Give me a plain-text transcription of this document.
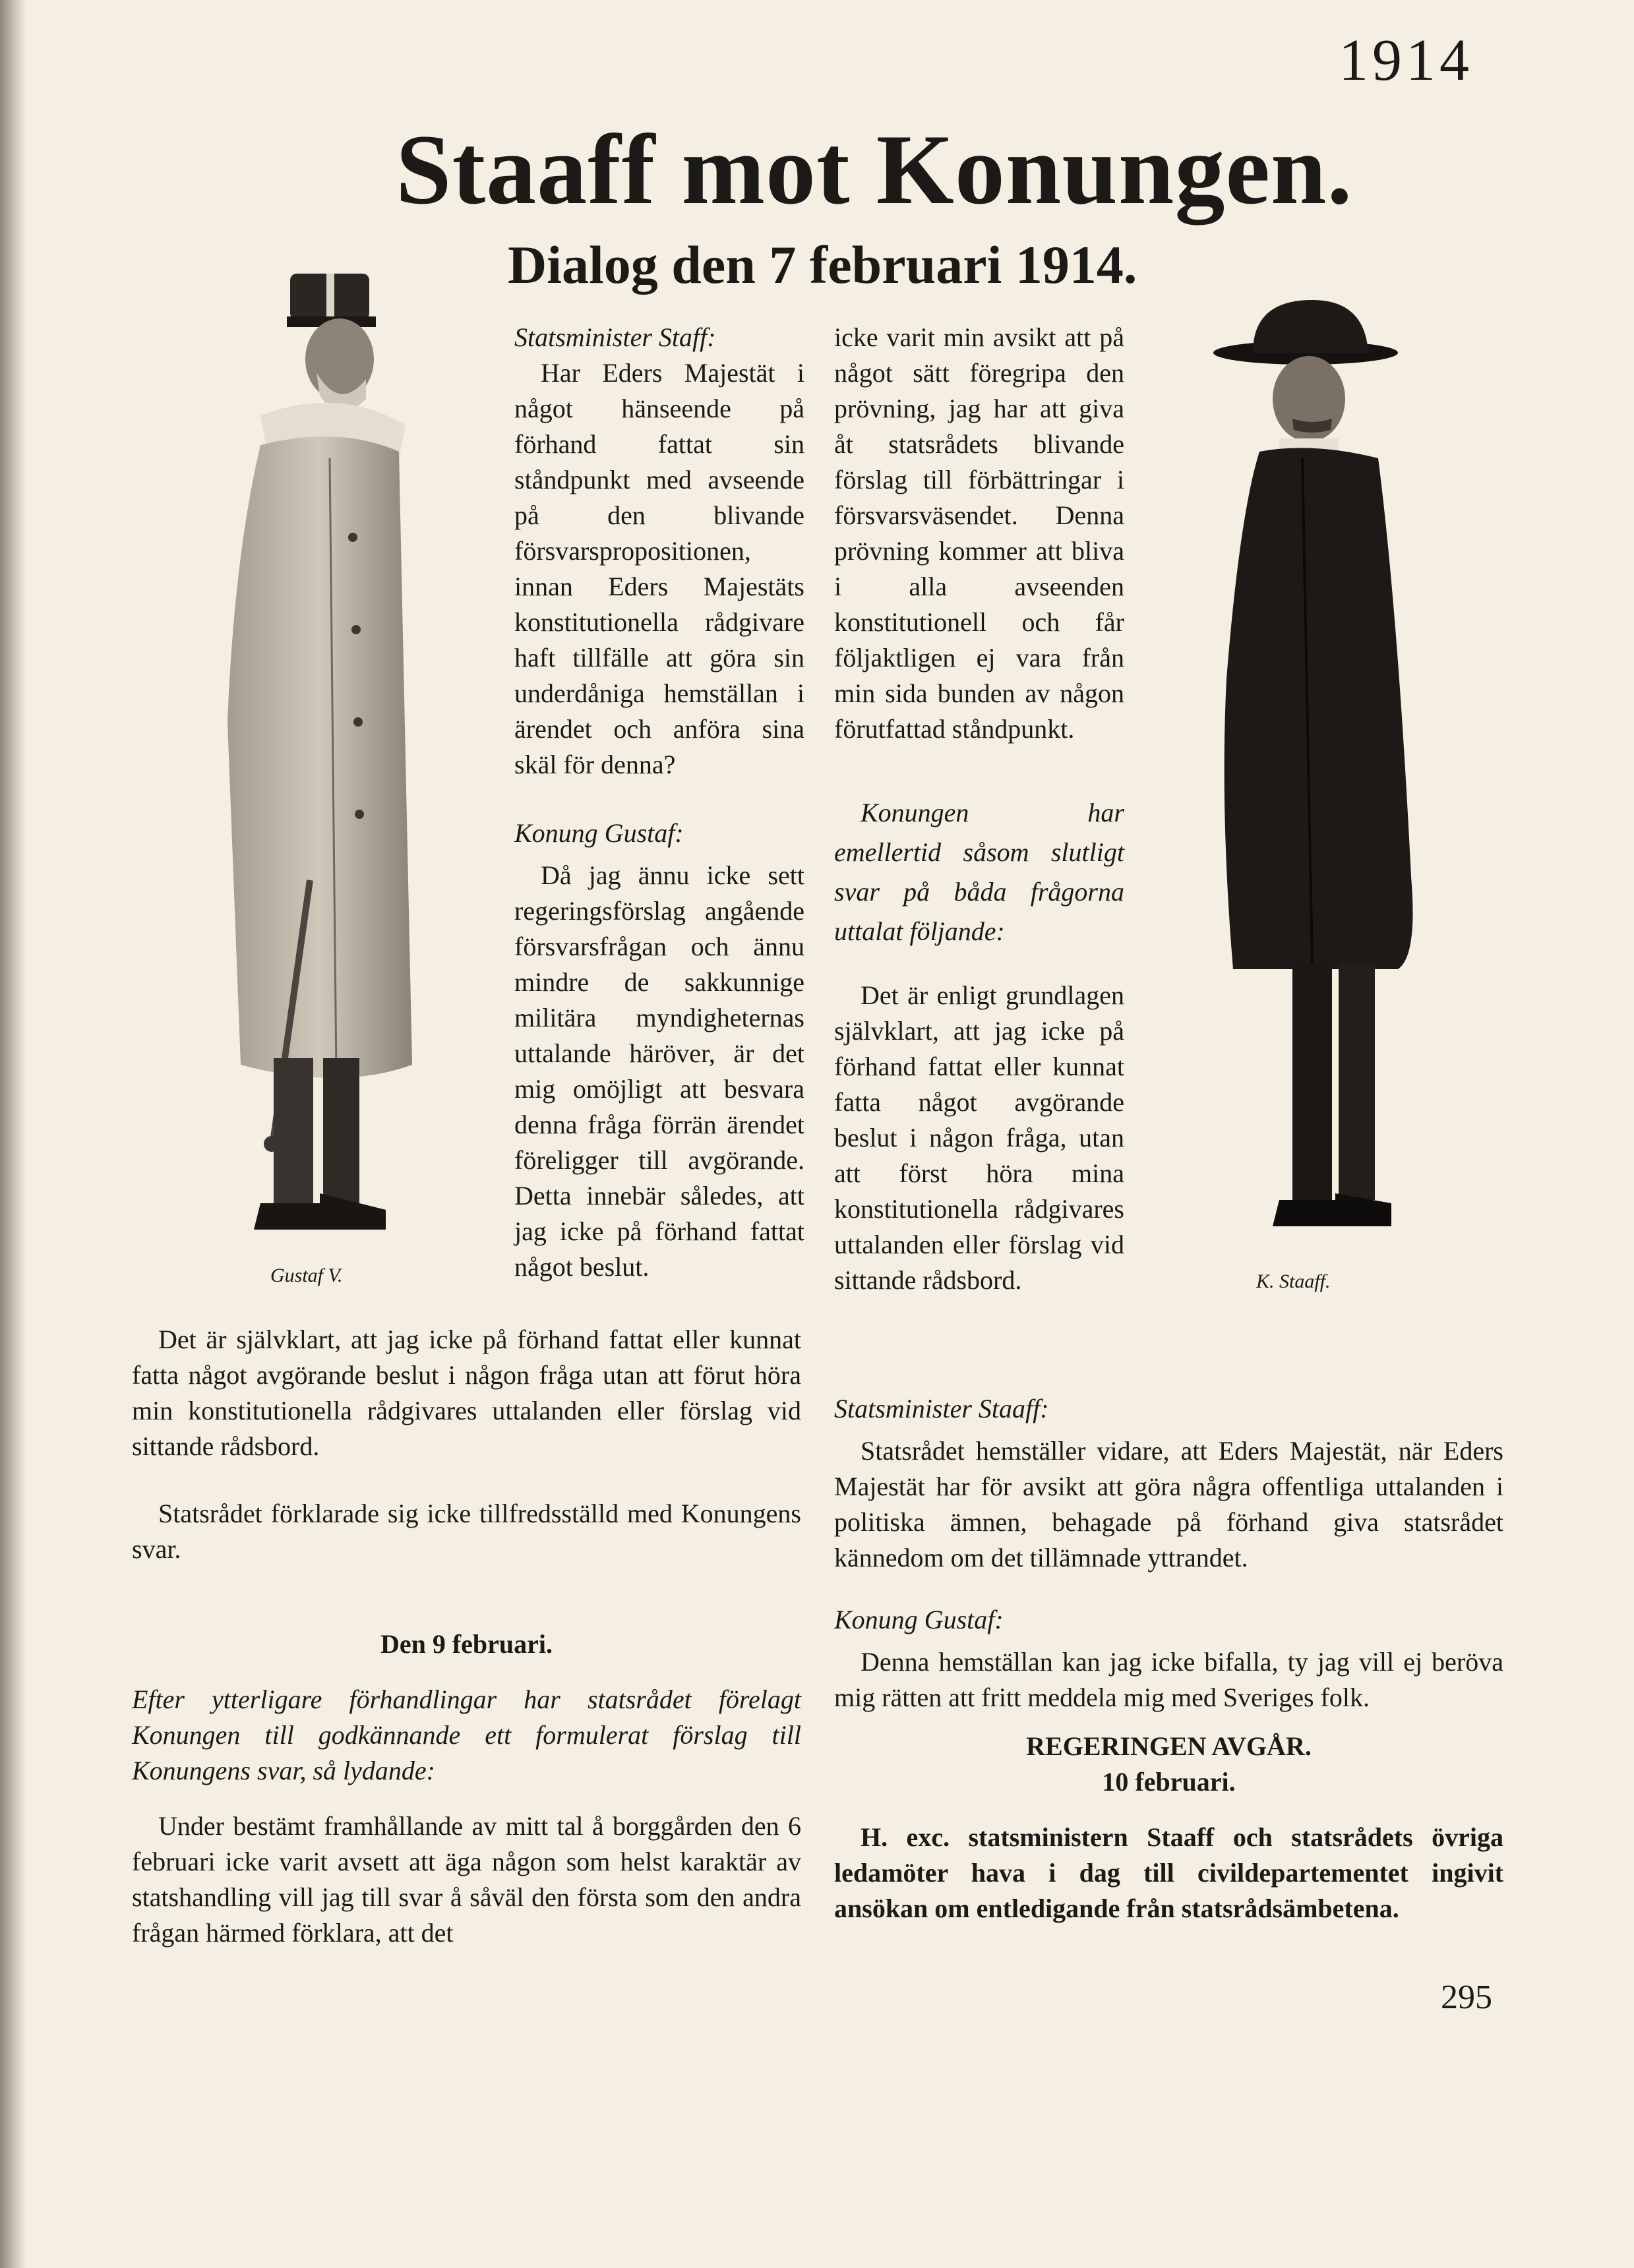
1914
Staaff mot Konungen.
Dialog den 7 februari 1914.
Gustaf V.	K. Staaff.

Statsminister Staff:

Har Eders Majestät i något hänseende på förhand fattat sin ståndpunkt med avseende på den blivande försvarspropositionen, innan Eders Majestäts konstitutionella rådgivare haft tillfälle att göra sin underdåniga hemställan i ärendet och anföra sina skäl för denna?

Konung Gustaf:

Då jag ännu icke sett regeringsförslag angående försvarsfrågan och ännu mindre de sakkunnige militära myndigheternas uttalande häröver, är det mig omöjligt att besvara denna fråga förrän ärendet föreligger till avgörande. Detta innebär således, att jag icke på förhand fattat något beslut.

icke varit min avsikt att på något sätt föregripa den prövning, jag har att giva åt statsrådets blivande förslag till förbättringar i försvarsväsendet. Denna prövning kommer att bliva i alla avseenden konstitutionell och får följaktligen ej vara från min sida bunden av någon förutfattad ståndpunkt.

Konungen har emellertid såsom slutligt svar på båda frågorna uttalat följande:

Det är enligt grundlagen självklart, att jag icke på förhand fattat eller kunnat fatta något avgörande beslut i någon fråga, utan att först höra mina konstitutionella rådgivares uttalanden eller förslag vid sittande rådsbord.

Det är självklart, att jag icke på förhand fattat eller kunnat fatta något avgörande beslut i någon fråga utan att förut höra min konstitutionella rådgivares uttalanden eller förslag vid sittande rådsbord.

Statsrådet förklarade sig icke tillfredsställd med Konungens svar.

Den 9 februari.

Efter ytterligare förhandlingar har statsrådet förelagt Konungen till godkännande ett formulerat förslag till Konungens svar, så lydande:

Under bestämt framhållande av mitt tal å borggården den 6 februari icke varit avsett att äga någon som helst karaktär av statshandling vill jag till svar å såväl den första som den andra frågan härmed förklara, att det

Statsminister Staaff:

Statsrådet hemställer vidare, att Eders Majestät, när Eders Majestät har för avsikt att göra några offentliga uttalanden i politiska ämnen, behagade på förhand giva statsrådet kännedom om det tillämnade yttrandet.

Konung Gustaf:

Denna hemställan kan jag icke bifalla, ty jag vill ej beröva mig rätten att fritt meddela mig med Sveriges folk.

REGERINGEN AVGÅR.

10 februari.

H. exc. statsministern Staaff och statsrådets övriga ledamöter hava i dag till civildepartementet ingivit ansökan om entledigande från statsrådsämbetena.

295
